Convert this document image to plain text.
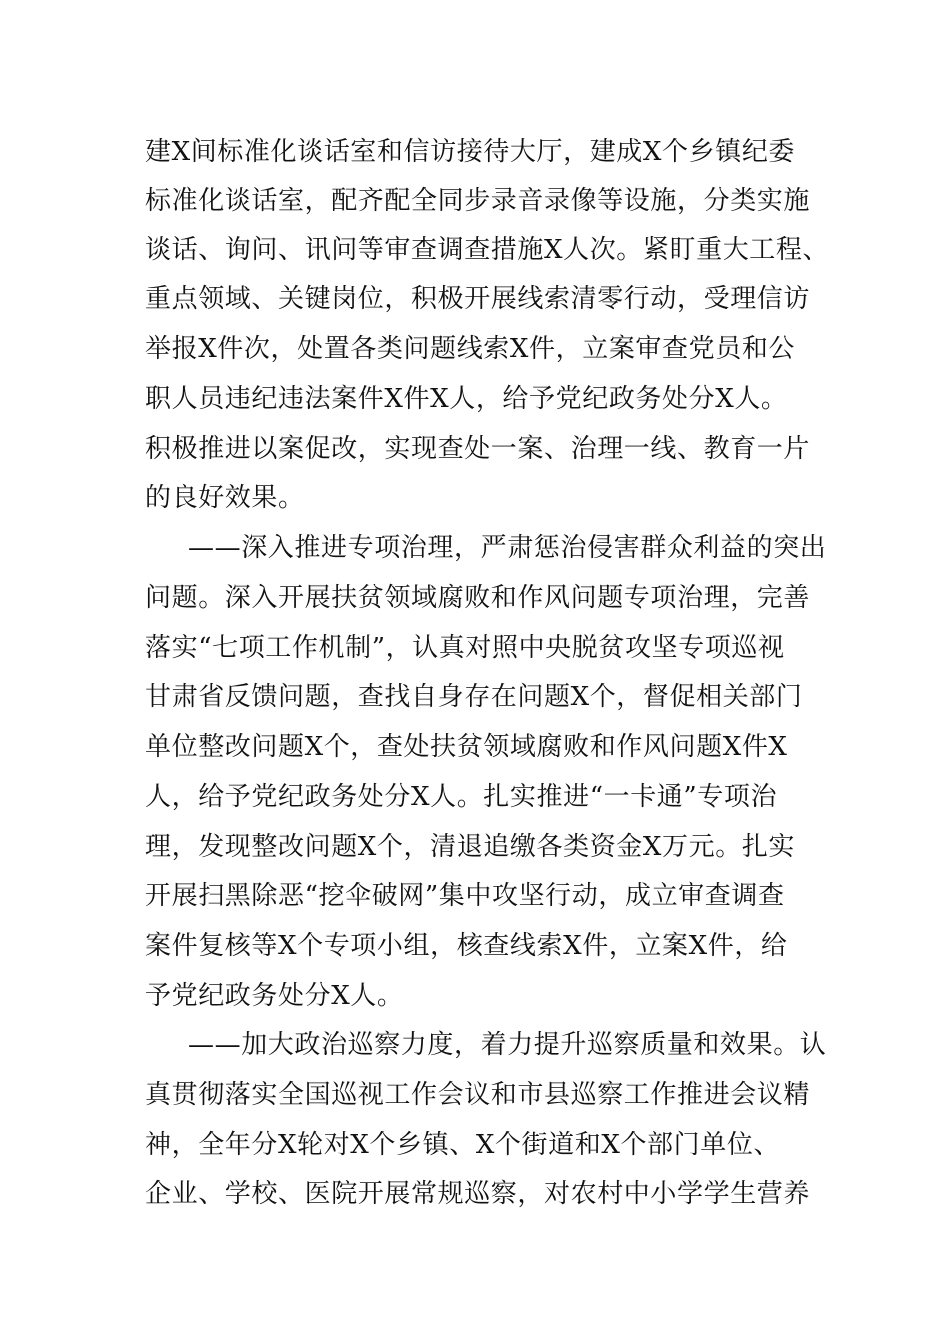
建X间标准化谈话室和信访接待大厅，建成X个乡镇纪委
标准化谈话室，配齐配全同步录音录像等设施，分类实施
谈话、询问、讯问等审查调查措施X人次。紧盯重大工程、
重点领域、关键岗位，积极开展线索清零行动，受理信访
举报X件次，处置各类问题线索X件，立案审查党员和公
职人员违纪违法案件X件X人，给予党纪政务处分X人。
积极推进以案促改，实现查处一案、治理一线、教育一片
的良好效果。
——深入推进专项治理，严肃惩治侵害群众利益的突出
问题。深入开展扶贫领域腐败和作风问题专项治理，完善
落实“七项工作机制”，认真对照中央脱贫攻坚专项巡视
甘肃省反馈问题，查找自身存在问题X个，督促相关部门
单位整改问题X个，查处扶贫领域腐败和作风问题X件X
人，给予党纪政务处分X人。扎实推进“一卡通”专项治
理，发现整改问题X个，清退追缴各类资金X万元。扎实
开展扫黑除恶“挖伞破网”集中攻坚行动，成立审查调查
案件复核等X个专项小组，核查线索X件，立案X件，给
予党纪政务处分X人。
——加大政治巡察力度，着力提升巡察质量和效果。认
真贯彻落实全国巡视工作会议和市县巡察工作推进会议精
神，全年分X轮对X个乡镇、X个街道和X个部门单位、
企业、学校、医院开展常规巡察，对农村中小学学生营养
